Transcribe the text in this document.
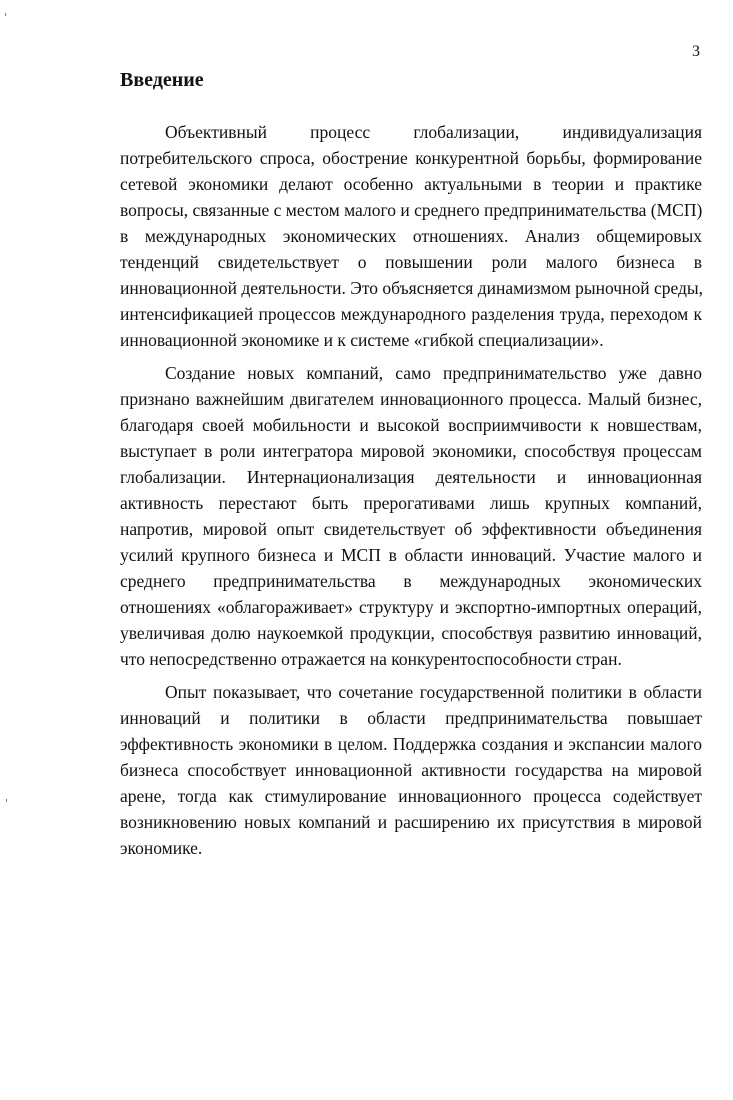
3
Введение

Объективный процесс глобализации, индивидуализация
потребительского спроса, обострение конкурентной борьбы, формирование
сетевой экономики делают особенно актуальными в теории и практике
вопросы, связанные с местом малого и среднего предпринимательства (МСП)
в международных экономических отношениях. Анализ общемировых
тенденций свидетельствует о повышении роли малого бизнеса в
инновационной деятельности. Это объясняется динамизмом рыночной среды,
интенсификацией процессов международного разделения труда, переходом к
инновационной экономике и к системе «гибкой специализации».

Создание новых компаний, само предпринимательство уже давно
признано важнейшим двигателем инновационного процесса. Малый бизнес,
благодаря своей мобильности и высокой восприимчивости к новшествам,
выступает в роли интегратора мировой экономики, способствуя процессам
глобализации. Интернационализация деятельности и инновационная
активность перестают быть прерогативами лишь крупных компаний,
напротив, мировой опыт свидетельствует об эффективности объединения
усилий крупного бизнеса и МСП в области инноваций. Участие малого и
среднего предпринимательства в международных экономических
отношениях «облагораживает» структуру и экспортно-импортных операций,
увеличивая долю наукоемкой продукции, способствуя развитию инноваций,
что непосредственно отражается на конкурентоспособности стран.

Опыт показывает, что сочетание государственной политики в области
инноваций и политики в области предпринимательства повышает
эффективность экономики в целом. Поддержка создания и экспансии малого
бизнеса способствует инновационной активности государства на мировой
арене, тогда как стимулирование инновационного процесса содействует
возникновению новых компаний и расширению их присутствия в мировой
экономике.
